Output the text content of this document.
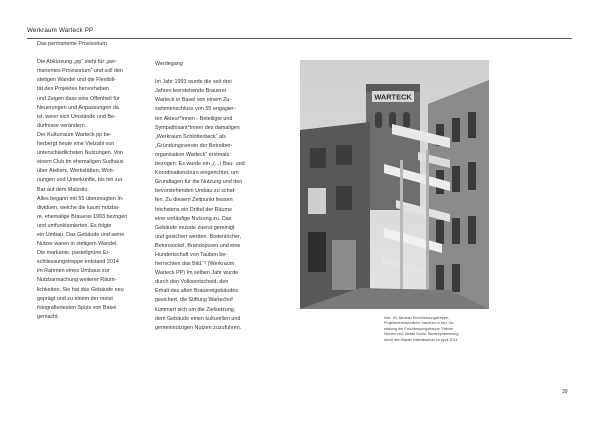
Werkraum Warteck PP
Das permanente Provisorium
Die Abkürzung „pp“ steht für „per-
manentes Provisorium“ und soll den
stetigen Wandel und die Flexibili-
tät des Projektes hervorheben
und Zeigen dass eine Offenheit für
Neuerungen und Anpassungen da
ist, wenn sich Umstände und Be-
dürfnisse verändern.
Der Kulturraum Warteck pp be-
herbergt heute eine Vielzahl von
unterschiedlichsten Nutzungen. Von
einem Club im ehemaligen Sudhaus
über Ateliers, Werkstätten, Woh-
nungen und Unterkünfte, bis hin zur
Bar auf dem Malzsilo.
Alles begann mit 55 überzeugten In-
dividuen, welche die kaum nutzba-
re, ehemalige Brauerei 1993 bezogen
und umfunktionierten. Es folgte
ein Umbau. Das Gebäude und seine
Nutzer waren in stetigem Wandel.
Die markante, pastellgrüne Er-
schliessungstreppe entstand 2014
im Rahmen eines Umbaus zur
Nutzbarmachung weiterer Räum-
lichkeiten. Sie hat das Gebäude neu
geprägt und zu einem der meist
fotografiertesten Spots von Basel
gemacht.
Werdegang
Im Jahr 1993 wurde die seit drei
Jahren leerstehende Brauerei
Warteck in Basel von einem Zu-
sammenschluss von 55 engagier-
ten Akteur*Innen - Beteiligte und
Sympathisant*Innen des damaligen
„Werkraum Schlotterbeck“ als
„Gründungsverein der Betreiber-
organisation Warteck“ erstmals
bezogen. Es wurde ein „(...) Bau- und
Koordinationsbüro eingerichtet, um
Grundlagen für die Nutzung und den
bevorstehenden Umbau zu schaf-
fen. Zu diesem Zeitpunkt liessen
höchstens ein Drittel der Räume
eine vorläufige Nutzung zu. Das
Gebäude musste zuerst gereinigt
und gesichert werden. Bodenlöcher,
Betonsockel, Brandspuren und eine
Hundertschaft von Tauben be-
herrschten das Bild.“² (Werkraum
Warteck PP) Im selben Jahr wurde
durch den Volksentscheid, den
Erhalt des alten Brauereigebäudes
gesichert, die Stiftung Wartechof
kümmert sich um die Zielsetzung,
dem Gebäude einen kulturellen und
gemeinnützigen Nutzen zuzuführen.
WARTECK
Abb. 20: Neubau Erschliessungstreppe,
Projektverantwortliche: baubüro in situ, Ge-
staltung der Erschliessungstreppe: Fabian
Nichele und Stefan Goele. Bautenprämierung
durch den Basler Heimatschutz im April 2014
39
